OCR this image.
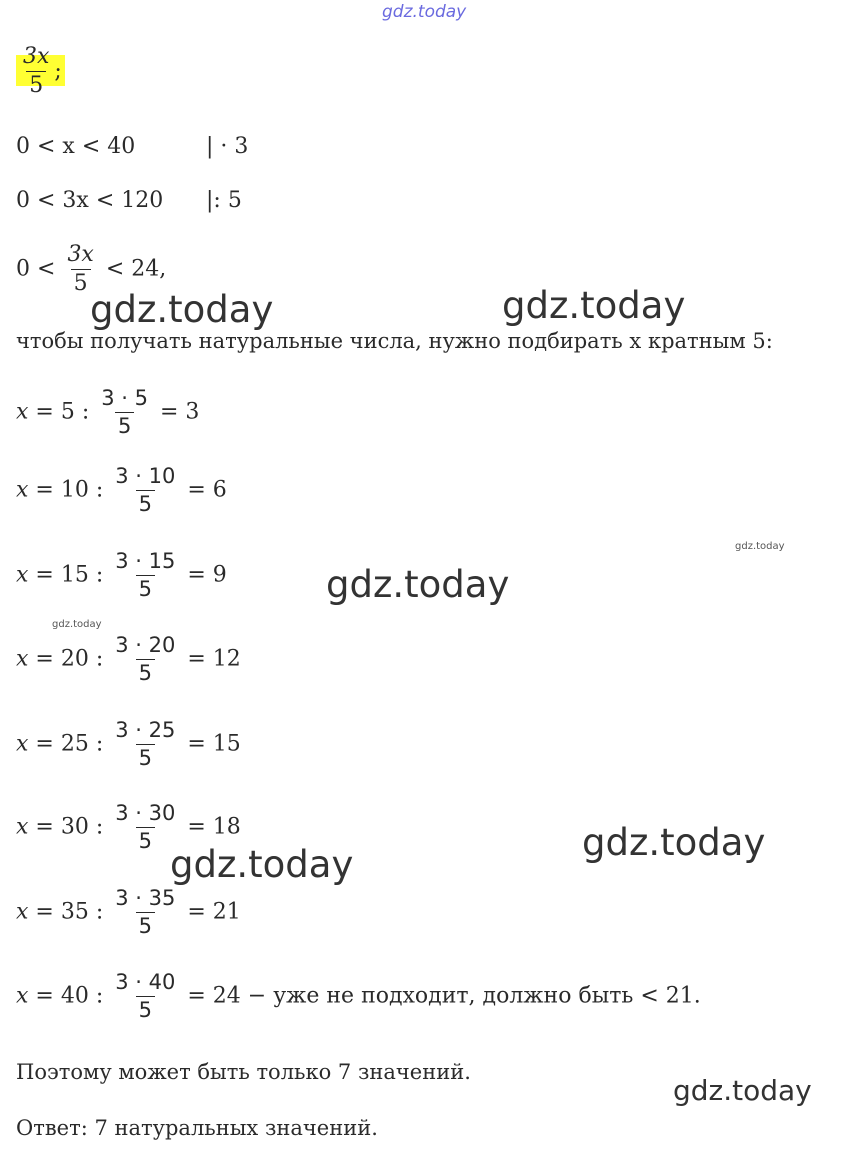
gdz.today
$\frac{3x}{5}$ ;
0 < x < 40	| · 3
0 < 3x < 120 |: 5
$0 < \frac{3x}{5} < 24$,
чтобы получать натуральные числа, нужно подбирать x кратным 5:
x = 5 : $\frac{3 \cdot 5}{5} = 3$
x = 10 : $\frac{3 \cdot 10}{5} = 6$
x = 15 : $\frac{3 \cdot 15}{5} = 9$
x = 20 : $\frac{3 \cdot 20}{5} = 12$
x = 25 : $\frac{3 \cdot 25}{5} = 15$
x = 30 : $\frac{3 \cdot 30}{5} = 18$
x = 35 : $\frac{3 \cdot 35}{5} = 21$
x = 40 : $\frac{3 \cdot 40}{5} = 24$ − уже не подходит, должно быть < 21.
Поэтому может быть только 7 значений.
Ответ: 7 натуральных значений.
gdz.today	gdz.today
gdz.today
gdz.today
gdz.today
gdz.today
gdz.today
gdz.today
